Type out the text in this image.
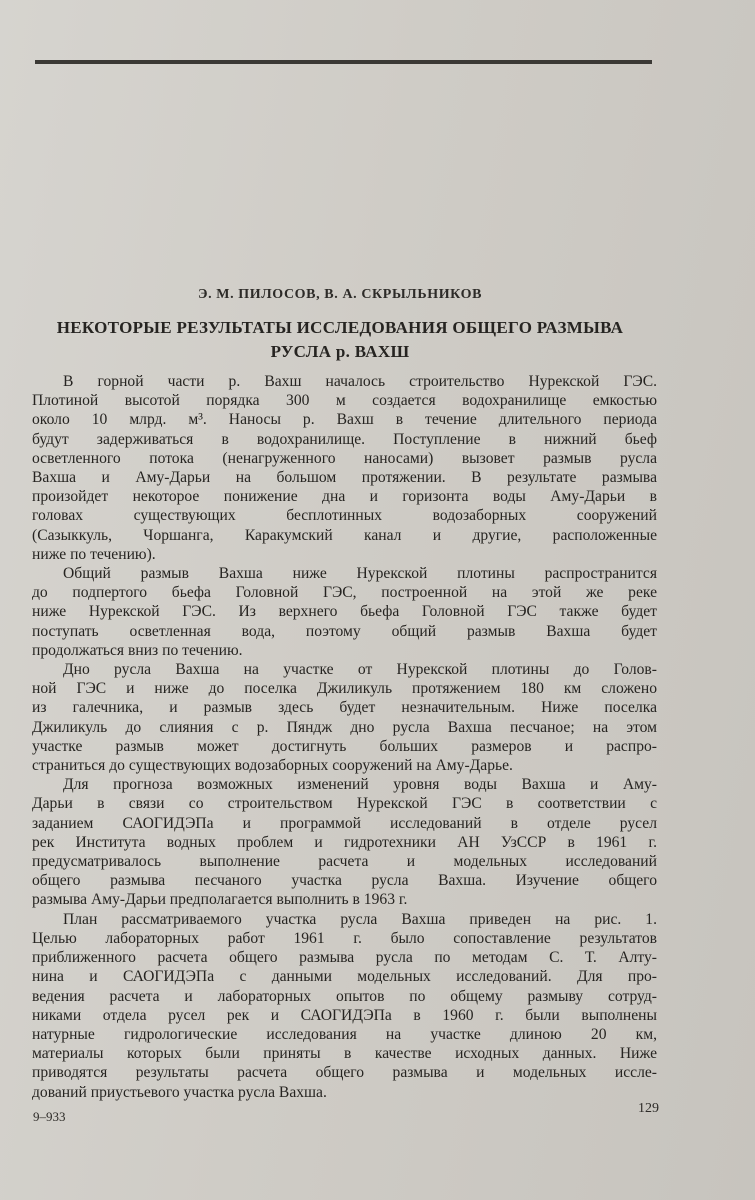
Э. М. ПИЛОСОВ, В. А. СКРЫЛЬНИКОВ
НЕКОТОРЫЕ РЕЗУЛЬТАТЫ ИССЛЕДОВАНИЯ ОБЩЕГО РАЗМЫВА
РУСЛА р. ВАХШ
В горной части р. Вахш началось строительство Нурекской ГЭС.
Плотиной высотой порядка 300 м создается водохранилище емкостью
около 10 млрд. м³. Наносы р. Вахш в течение длительного периода
будут задерживаться в водохранилище. Поступление в нижний бьеф
осветленного потока (ненагруженного наносами) вызовет размыв русла
Вахша и Аму-Дарьи на большом протяжении. В результате размыва
произойдет некоторое понижение дна и горизонта воды Аму-Дарьи в
головах существующих бесплотинных водозаборных сооружений
(Сазыккуль, Чоршанга, Каракумский канал и другие, расположенные
ниже по течению).
Общий размыв Вахша ниже Нурекской плотины распространится
до подпертого бьефа Головной ГЭС, построенной на этой же реке
ниже Нурекской ГЭС. Из верхнего бьефа Головной ГЭС также будет
поступать осветленная вода, поэтому общий размыв Вахша будет
продолжаться вниз по течению.
Дно русла Вахша на участке от Нурекской плотины до Голов-
ной ГЭС и ниже до поселка Джиликуль протяжением 180 км сложено
из галечника, и размыв здесь будет незначительным. Ниже поселка
Джиликуль до слияния с р. Пяндж дно русла Вахша песчаное; на этом
участке размыв может достигнуть больших размеров и распро-
страниться до существующих водозаборных сооружений на Аму-Дарье.
Для прогноза возможных изменений уровня воды Вахша и Аму-
Дарьи в связи со строительством Нурекской ГЭС в соответствии с
заданием САОГИДЭПа и программой исследований в отделе русел
рек Института водных проблем и гидротехники АН УзССР в 1961 г.
предусматривалось выполнение расчета и модельных исследований
общего размыва песчаного участка русла Вахша. Изучение общего
размыва Аму-Дарьи предполагается выполнить в 1963 г.
План рассматриваемого участка русла Вахша приведен на рис. 1.
Целью лабораторных работ 1961 г. было сопоставление результатов
приближенного расчета общего размыва русла по методам С. Т. Алту-
нина и САОГИДЭПа с данными модельных исследований. Для про-
ведения расчета и лабораторных опытов по общему размыву сотруд-
никами отдела русел рек и САОГИДЭПа в 1960 г. были выполнены
натурные гидрологические исследования на участке длиною 20 км,
материалы которых были приняты в качестве исходных данных. Ниже
приводятся результаты расчета общего размыва и модельных иссле-
дований приустьевого участка русла Вахша.
9–933
129
